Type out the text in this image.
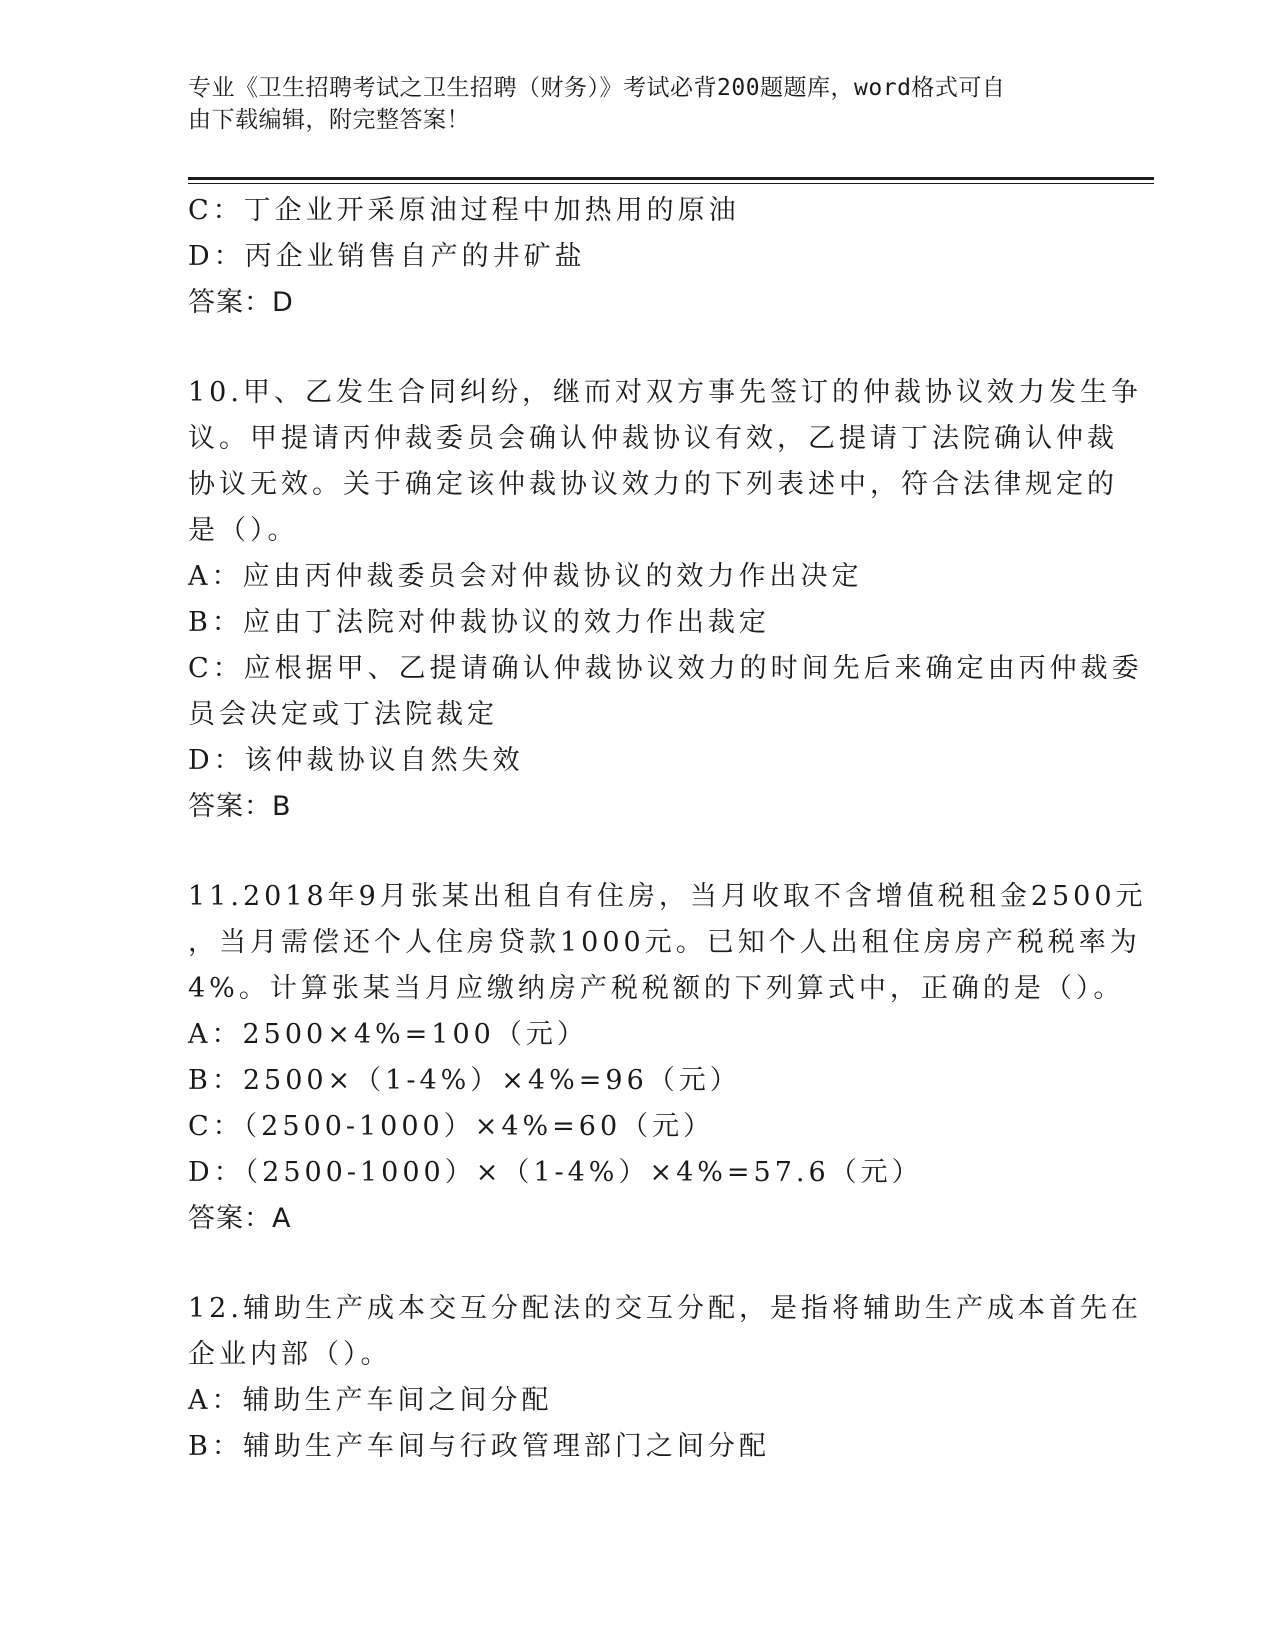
专业《卫生招聘考试之卫生招聘（财务）》考试必背200题题库，word格式可自
由下载编辑，附完整答案！
C：丁企业开采原油过程中加热用的原油
D：丙企业销售自产的井矿盐
答案：D
10.甲、乙发生合同纠纷，继而对双方事先签订的仲裁协议效力发生争
议。甲提请丙仲裁委员会确认仲裁协议有效，乙提请丁法院确认仲裁
协议无效。关于确定该仲裁协议效力的下列表述中，符合法律规定的
是（）。
A：应由丙仲裁委员会对仲裁协议的效力作出决定
B：应由丁法院对仲裁协议的效力作出裁定
C：应根据甲、乙提请确认仲裁协议效力的时间先后来确定由丙仲裁委
员会决定或丁法院裁定
D：该仲裁协议自然失效
答案：B
11.2018年9月张某出租自有住房，当月收取不含增值税租金2500元
，当月需偿还个人住房贷款1000元。已知个人出租住房房产税税率为
4%。计算张某当月应缴纳房产税税额的下列算式中，正确的是（）。
A：2500×4%=100（元）
B：2500×（1-4%）×4%=96（元）
C：（2500-1000）×4%=60（元）
D：（2500-1000）×（1-4%）×4%=57.6（元）
答案：A
12.辅助生产成本交互分配法的交互分配，是指将辅助生产成本首先在
企业内部（）。
A：辅助生产车间之间分配
B：辅助生产车间与行政管理部门之间分配
